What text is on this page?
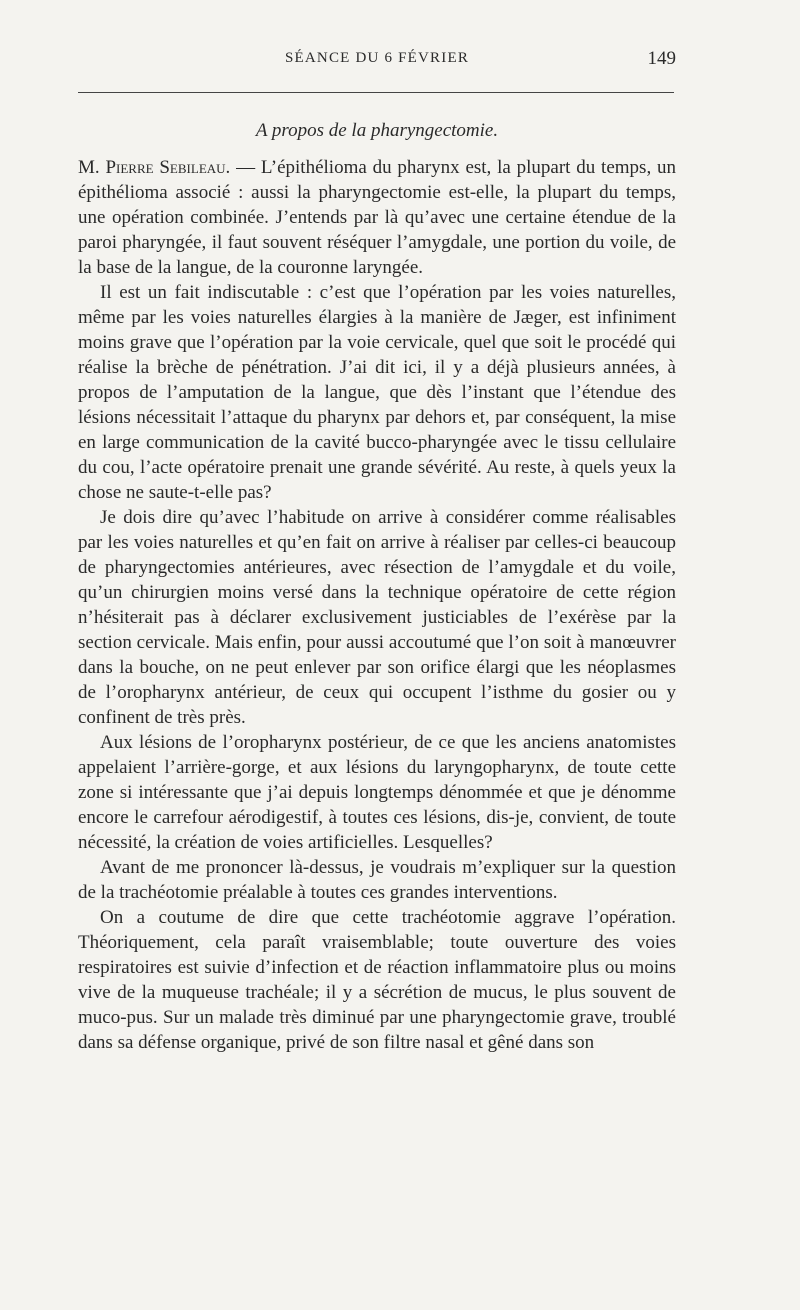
SÉANCE DU 6 FÉVRIER	149
A propos de la pharyngectomie.

M. Pierre Sebileau. — L’épithélioma du pharynx est, la plupart du temps, un épithélioma associé : aussi la pharyngectomie est-elle, la plupart du temps, une opération combinée. J’entends par là qu’avec une certaine étendue de la paroi pharyngée, il faut souvent réséquer l’amygdale, une portion du voile, de la base de la langue, de la couronne laryngée.

Il est un fait indiscutable : c’est que l’opération par les voies naturelles, même par les voies naturelles élargies à la manière de Jæger, est infiniment moins grave que l’opération par la voie cervicale, quel que soit le procédé qui réalise la brèche de pénétration. J’ai dit ici, il y a déjà plusieurs années, à propos de l’amputation de la langue, que dès l’instant que l’étendue des lésions nécessitait l’attaque du pharynx par dehors et, par conséquent, la mise en large communication de la cavité bucco-pharyngée avec le tissu cellulaire du cou, l’acte opératoire prenait une grande sévérité. Au reste, à quels yeux la chose ne saute-t-elle pas?

Je dois dire qu’avec l’habitude on arrive à considérer comme réalisables par les voies naturelles et qu’en fait on arrive à réaliser par celles-ci beaucoup de pharyngectomies antérieures, avec résection de l’amygdale et du voile, qu’un chirurgien moins versé dans la technique opératoire de cette région n’hésiterait pas à déclarer exclusivement justiciables de l’exérèse par la section cervicale. Mais enfin, pour aussi accoutumé que l’on soit à manœuvrer dans la bouche, on ne peut enlever par son orifice élargi que les néoplasmes de l’oropharynx antérieur, de ceux qui occupent l’isthme du gosier ou y confinent de très près.

Aux lésions de l’oropharynx postérieur, de ce que les anciens anatomistes appelaient l’arrière-gorge, et aux lésions du laryngopharynx, de toute cette zone si intéressante que j’ai depuis longtemps dénommée et que je dénomme encore le carrefour aérodigestif, à toutes ces lésions, dis-je, convient, de toute nécessité, la création de voies artificielles. Lesquelles?

Avant de me prononcer là-dessus, je voudrais m’expliquer sur la question de la trachéotomie préalable à toutes ces grandes interventions.

On a coutume de dire que cette trachéotomie aggrave l’opération. Théoriquement, cela paraît vraisemblable; toute ouverture des voies respiratoires est suivie d’infection et de réaction inflammatoire plus ou moins vive de la muqueuse trachéale; il y a sécrétion de mucus, le plus souvent de muco-pus. Sur un malade très diminué par une pharyngectomie grave, troublé dans sa défense organique, privé de son filtre nasal et gêné dans son
